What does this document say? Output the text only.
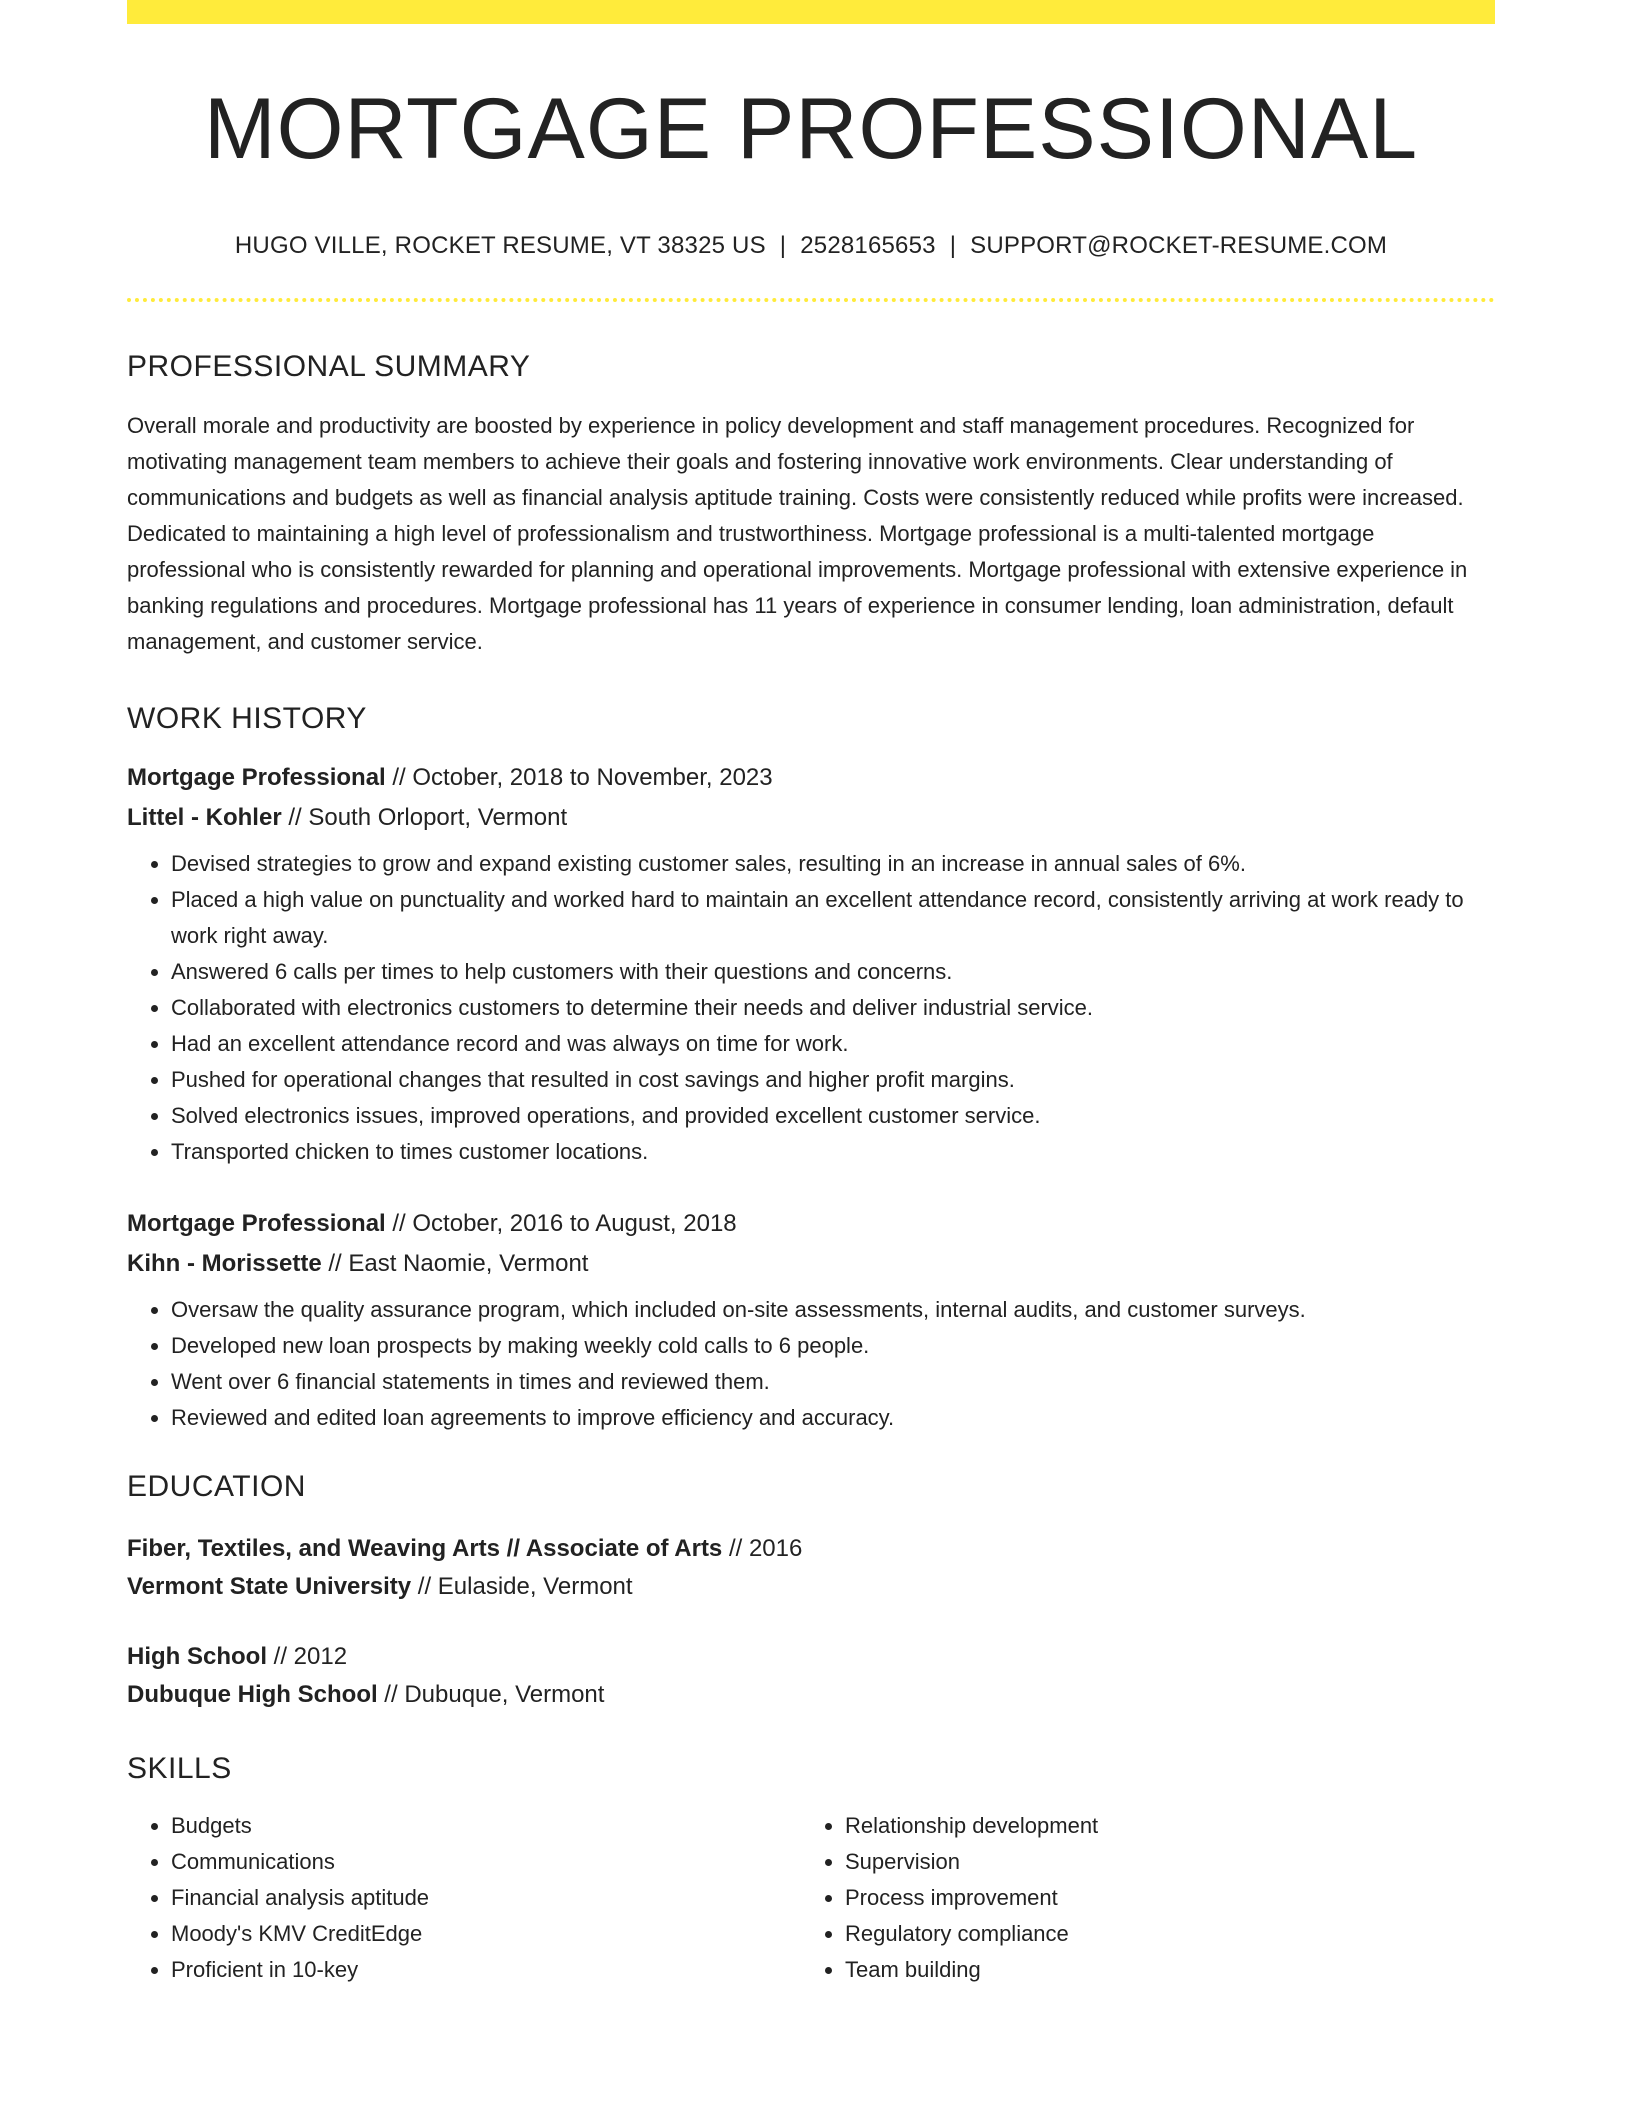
MORTGAGE PROFESSIONAL
HUGO VILLE, ROCKET RESUME, VT 38325 US | 2528165653 | SUPPORT@ROCKET-RESUME.COM
PROFESSIONAL SUMMARY

Overall morale and productivity are boosted by experience in policy development and staff management procedures. Recognized for motivating management team members to achieve their goals and fostering innovative work environments. Clear understanding of communications and budgets as well as financial analysis aptitude training. Costs were consistently reduced while profits were increased. Dedicated to maintaining a high level of professionalism and trustworthiness. Mortgage professional is a multi-talented mortgage professional who is consistently rewarded for planning and operational improvements. Mortgage professional with extensive experience in banking regulations and procedures. Mortgage professional has 11 years of experience in consumer lending, loan administration, default management, and customer service.

WORK HISTORY
Mortgage Professional // October, 2018 to November, 2023
Littel - Kohler // South Orloport, Vermont
• Devised strategies to grow and expand existing customer sales, resulting in an increase in annual sales of 6%.
• Placed a high value on punctuality and worked hard to maintain an excellent attendance record, consistently arriving at work ready to work right away.
• Answered 6 calls per times to help customers with their questions and concerns.
• Collaborated with electronics customers to determine their needs and deliver industrial service.
• Had an excellent attendance record and was always on time for work.
• Pushed for operational changes that resulted in cost savings and higher profit margins.
• Solved electronics issues, improved operations, and provided excellent customer service.
• Transported chicken to times customer locations.
Mortgage Professional // October, 2016 to August, 2018
Kihn - Morissette // East Naomie, Vermont
• Oversaw the quality assurance program, which included on-site assessments, internal audits, and customer surveys.
• Developed new loan prospects by making weekly cold calls to 6 people.
• Went over 6 financial statements in times and reviewed them.
• Reviewed and edited loan agreements to improve efficiency and accuracy.
EDUCATION
Fiber, Textiles, and Weaving Arts // Associate of Arts // 2016
Vermont State University // Eulaside, Vermont
High School // 2012
Dubuque High School // Dubuque, Vermont
SKILLS
• Budgets
• Communications
• Financial analysis aptitude
• Moody's KMV CreditEdge
• Proficient in 10-key
• Relationship development
• Supervision
• Process improvement
• Regulatory compliance
• Team building
